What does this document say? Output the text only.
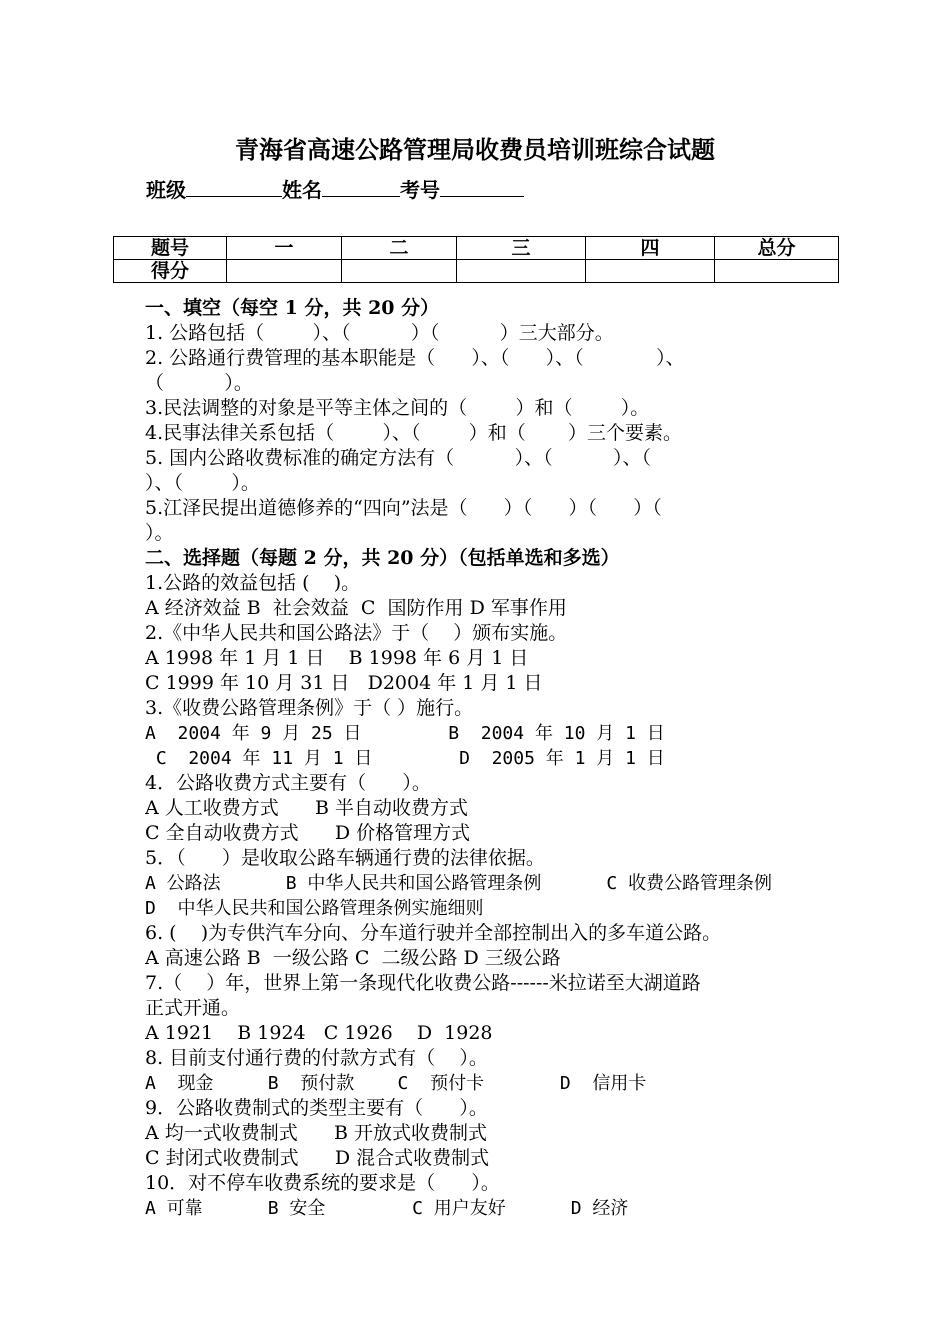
青海省高速公路管理局收费员培训班综合试题
班级	姓名	考号
题号	一	二	三	四	总分
得分					
一、填空（每空 1 分，共 20 分）
1. 公路包括（        ）、（          ）（          ）三大部分。
2. 公路通行费管理的基本职能是（      ）、（      ）、（            ）、
（          ）。
3.民法调整的对象是平等主体之间的（        ）和（        ）。
4.民事法律关系包括（        ）、（        ）和（       ）三个要素。
5. 国内公路收费标准的确定方法有（          ）、（          ）、（
）、（        ）。
5.江泽民提出道德修养的“四向”法是（      ）（      ）（      ）（
）。
二、选择题（每题 2 分，共 20 分）（包括单选和多选）
1.公路的效益包括 (    )。
A 经济效益 B  社会效益  C  国防作用 D 军事作用
2.《中华人民共和国公路法》于（    ）颁布实施。
A 1998 年 1 月 1 日    B 1998 年 6 月 1 日
C 1999 年 10 月 31 日   D2004 年 1 月 1 日
3.《收费公路管理条例》于（ ）施行。
A  2004 年 9 月 25 日        B  2004 年 10 月 1 日
C  2004 年 11 月 1 日        D  2005 年 1 月 1 日
4．公路收费方式主要有（      ）。
A 人工收费方式      B 半自动收费方式
C 全自动收费方式      D 价格管理方式
5．（      ）是收取公路车辆通行费的法律依据。
A 公路法      B 中华人民共和国公路管理条例      C 收费公路管理条例
D  中华人民共和国公路管理条例实施细则
6. (    )为专供汽车分向、分车道行驶并全部控制出入的多车道公路。
A 高速公路 B  一级公路 C  二级公路 D 三级公路
7.（    ）年，世界上第一条现代化收费公路------米拉诺至大湖道路
正式开通。
A 1921    B 1924   C 1926    D  1928
8. 目前支付通行费的付款方式有（    ）。
A  现金     B  预付款    C  预付卡       D  信用卡
9．公路收费制式的类型主要有（      ）。
A 均一式收费制式      B 开放式收费制式
C 封闭式收费制式      D 混合式收费制式
10．对不停车收费系统的要求是（      ）。
A 可靠      B 安全        C 用户友好      D 经济
